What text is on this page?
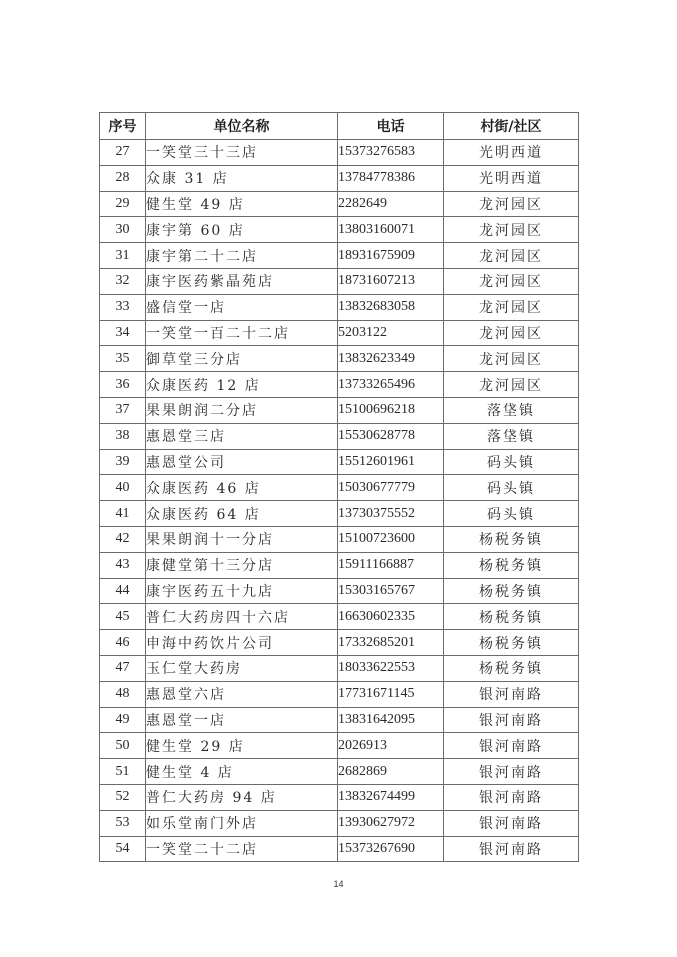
序号	单位名称	电话	村街/社区
27	一笑堂三十三店	15373276583	光明西道
28	众康 31 店	13784778386	光明西道
29	健生堂 49 店	2282649	龙河园区
30	康宇第 60 店	13803160071	龙河园区
31	康宇第二十二店	18931675909	龙河园区
32	康宇医药紫晶苑店	18731607213	龙河园区
33	盛信堂一店	13832683058	龙河园区
34	一笑堂一百二十二店	5203122	龙河园区
35	御草堂三分店	13832623349	龙河园区
36	众康医药 12 店	13733265496	龙河园区
37	果果朗润二分店	15100696218	落垡镇
38	惠恩堂三店	15530628778	落垡镇
39	惠恩堂公司	15512601961	码头镇
40	众康医药 46 店	15030677779	码头镇
41	众康医药 64 店	13730375552	码头镇
42	果果朗润十一分店	15100723600	杨税务镇
43	康健堂第十三分店	15911166887	杨税务镇
44	康宇医药五十九店	15303165767	杨税务镇
45	普仁大药房四十六店	16630602335	杨税务镇
46	申海中药饮片公司	17332685201	杨税务镇
47	玉仁堂大药房	18033622553	杨税务镇
48	惠恩堂六店	17731671145	银河南路
49	惠恩堂一店	13831642095	银河南路
50	健生堂 29 店	2026913	银河南路
51	健生堂 4 店	2682869	银河南路
52	普仁大药房 94 店	13832674499	银河南路
53	如乐堂南门外店	13930627972	银河南路
54	一笑堂二十二店	15373267690	银河南路
14
